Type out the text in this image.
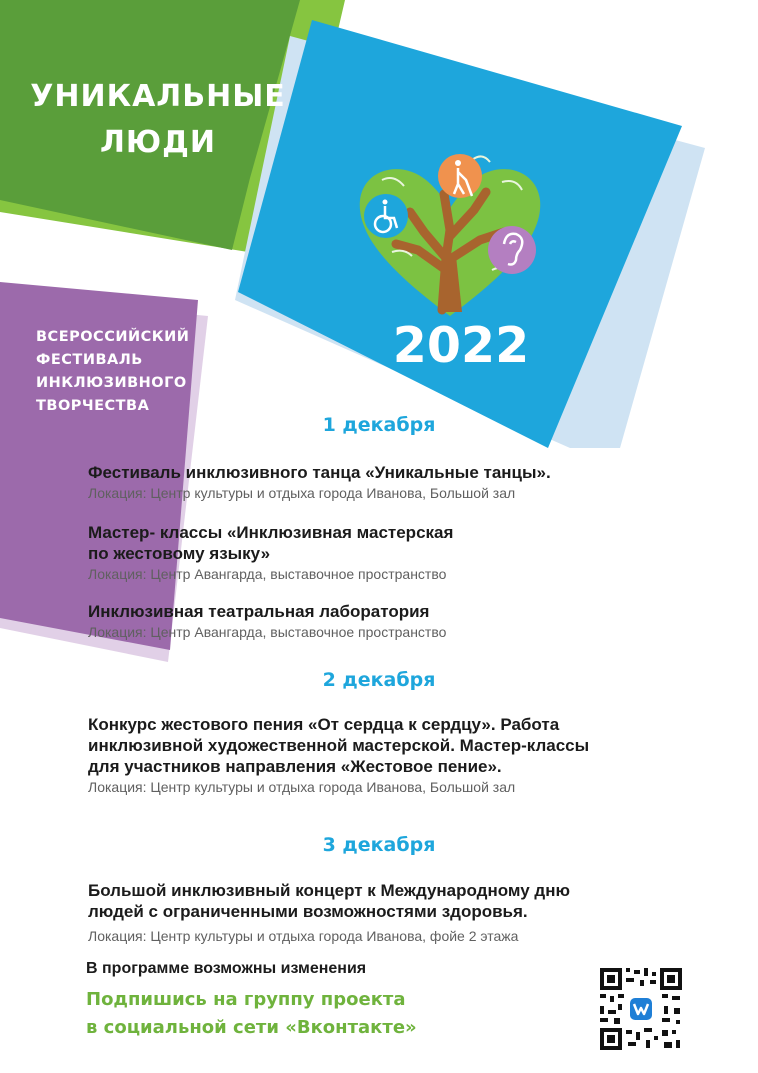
УНИКАЛЬНЫЕ
ЛЮДИ
ВСЕРОССИЙСКИЙ
ФЕСТИВАЛЬ
ИНКЛЮЗИВНОГО
ТВОРЧЕСТВА
2022
1 декабря
Фестиваль инклюзивного танца «Уникальные танцы».
Локация: Центр культуры и отдыха города Иванова, Большой зал
Мастер- классы «Инклюзивная мастерская
по жестовому языку»
Локация: Центр Авангарда, выставочное пространство
Инклюзивная театральная лаборатория
Локация: Центр Авангарда, выставочное пространство
2 декабря
Конкурс жестового пения «От сердца к сердцу». Работа
инклюзивной художественной мастерской. Мастер-классы
для участников направления «Жестовое пение».
Локация: Центр культуры и отдыха города Иванова, Большой зал
3 декабря
Большой инклюзивный концерт к Международному дню
людей с ограниченными возможностями здоровья.
Локация: Центр культуры и отдыха города Иванова, фойе 2 этажа
В программе возможны изменения
Подпишись на группу проекта
в социальной сети «Вконтакте»
